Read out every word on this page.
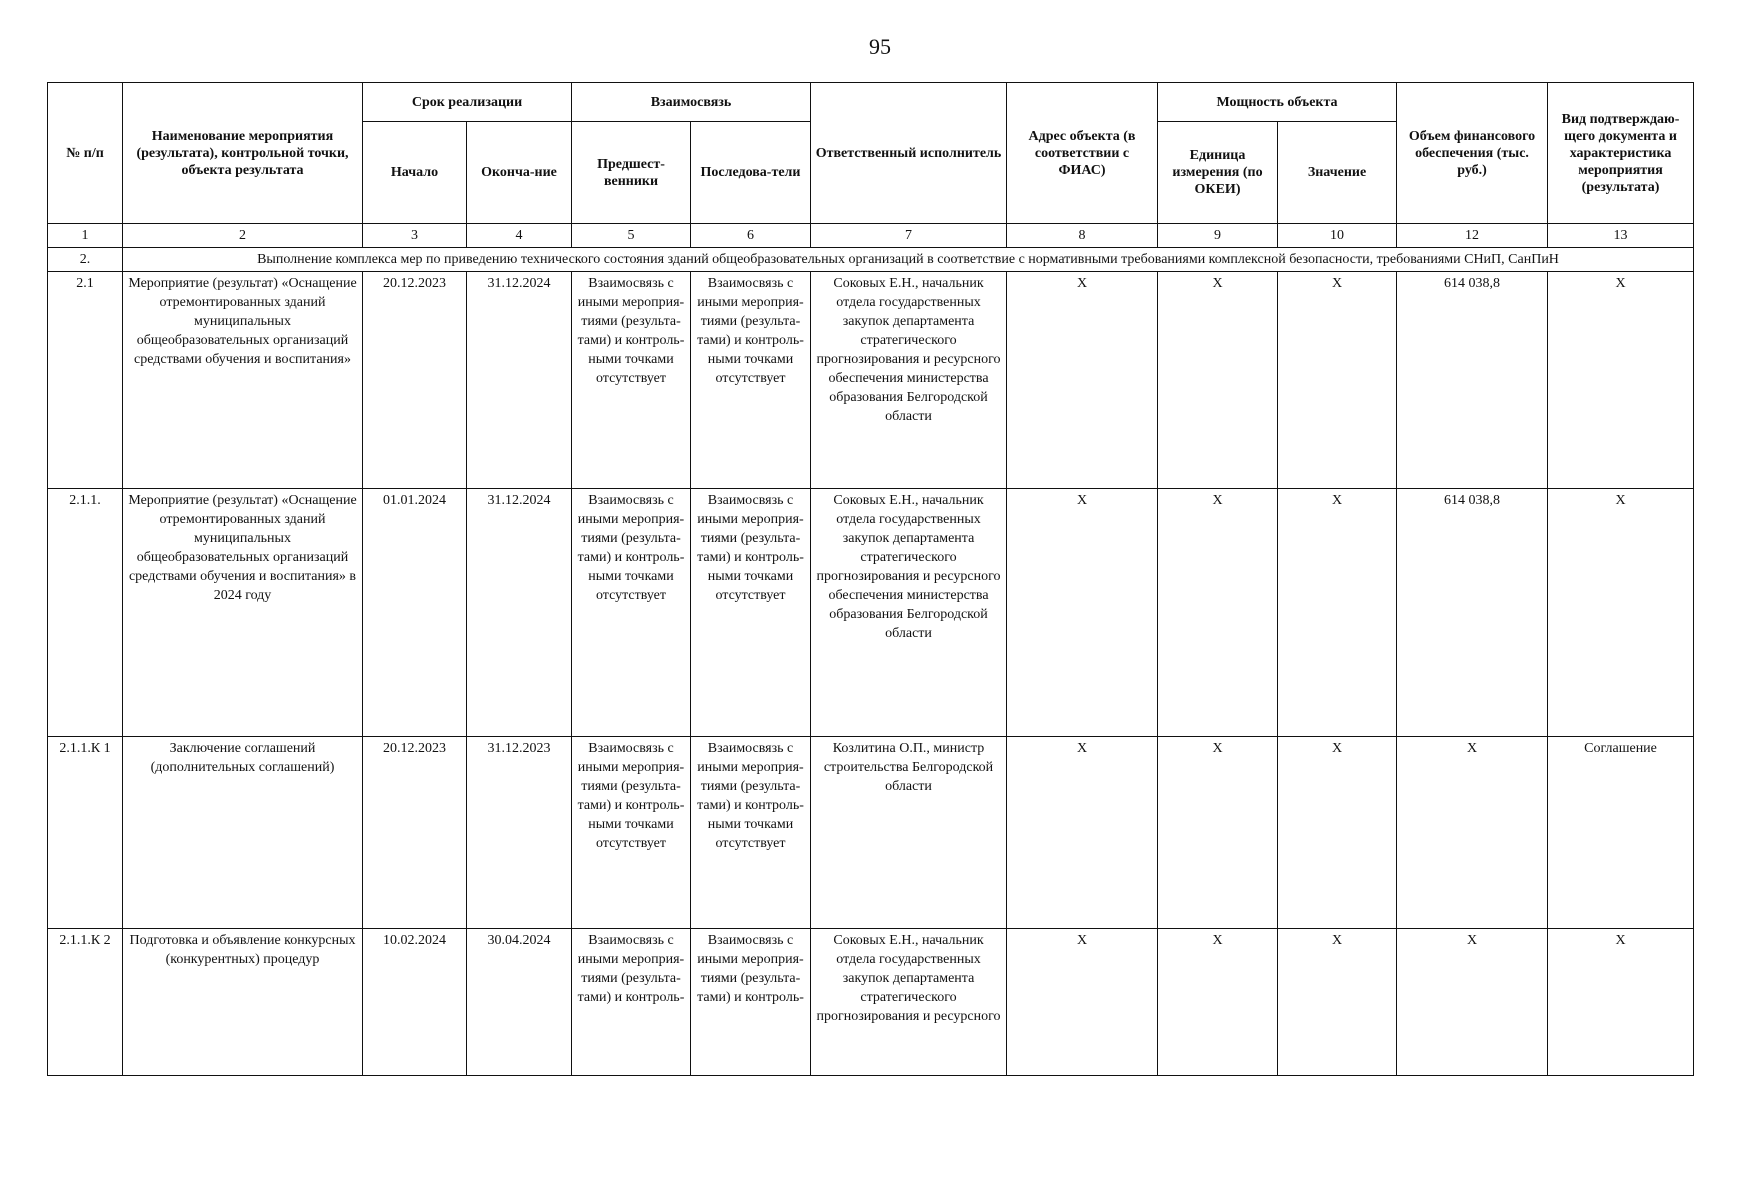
95
№ п/п	Наименование мероприятия (результата), контрольной точки, объекта результата	Срок реализации		Взаимосвязь		Ответственный исполнитель	Адрес объекта (в соответствии с ФИАС)	Мощность объекта		Объем финансового обеспечения (тыс. руб.)	Вид подтверждаю-щего документа и характеристика мероприятия (результата)
		Начало	Оконча-ние	Предшест-венники	Последова-тели			Единица измерения (по ОКЕИ)	Значение		
1	2	3	4	5	6	7	8	9	10	12	13
2.	Выполнение комплекса мер по приведению технического состояния зданий общеобразовательных организаций в соответствие с нормативными требованиями комплексной безопасности, требованиями СНиП, СанПиН										
2.1	Мероприятие (результат) «Оснащение отремонтированных зданий муниципальных общеобразовательных организаций средствами обучения и воспитания»	20.12.2023	31.12.2024	Взаимосвязь с иными мероприя-тиями (результа-тами) и контроль-ными точками отсутствует	Взаимосвязь с иными мероприя-тиями (результа-тами) и контроль-ными точками отсутствует	Соковых Е.Н., начальник отдела государственных закупок департамента стратегического прогнозирования и ресурсного обеспечения министерства образования Белгородской области	Х	Х	Х	614 038,8	Х
2.1.1.	Мероприятие (результат) «Оснащение отремонтированных зданий муниципальных общеобразовательных организаций средствами обучения и воспитания» в 2024 году	01.01.2024	31.12.2024	Взаимосвязь с иными мероприя-тиями (результа-тами) и контроль-ными точками отсутствует	Взаимосвязь с иными мероприя-тиями (результа-тами) и контроль-ными точками отсутствует	Соковых Е.Н., начальник отдела государственных закупок департамента стратегического прогнозирования и ресурсного обеспечения министерства образования Белгородской области	Х	Х	Х	614 038,8	Х
2.1.1.К 1	Заключение соглашений (дополнительных соглашений)	20.12.2023	31.12.2023	Взаимосвязь с иными мероприя-тиями (результа-тами) и контроль-ными точками отсутствует	Взаимосвязь с иными мероприя-тиями (результа-тами) и контроль-ными точками отсутствует	Козлитина О.П., министр строительства Белгородской области	Х	Х	Х	Х	Соглашение
2.1.1.К 2	Подготовка и объявление конкурсных (конкурентных) процедур	10.02.2024	30.04.2024	Взаимосвязь с иными мероприя-тиями (результа-тами) и контроль-	Взаимосвязь с иными мероприя-тиями (результа-тами) и контроль-	Соковых Е.Н., начальник отдела государственных закупок департамента стратегического прогнозирования и ресурсного	Х	Х	Х	Х	Х
